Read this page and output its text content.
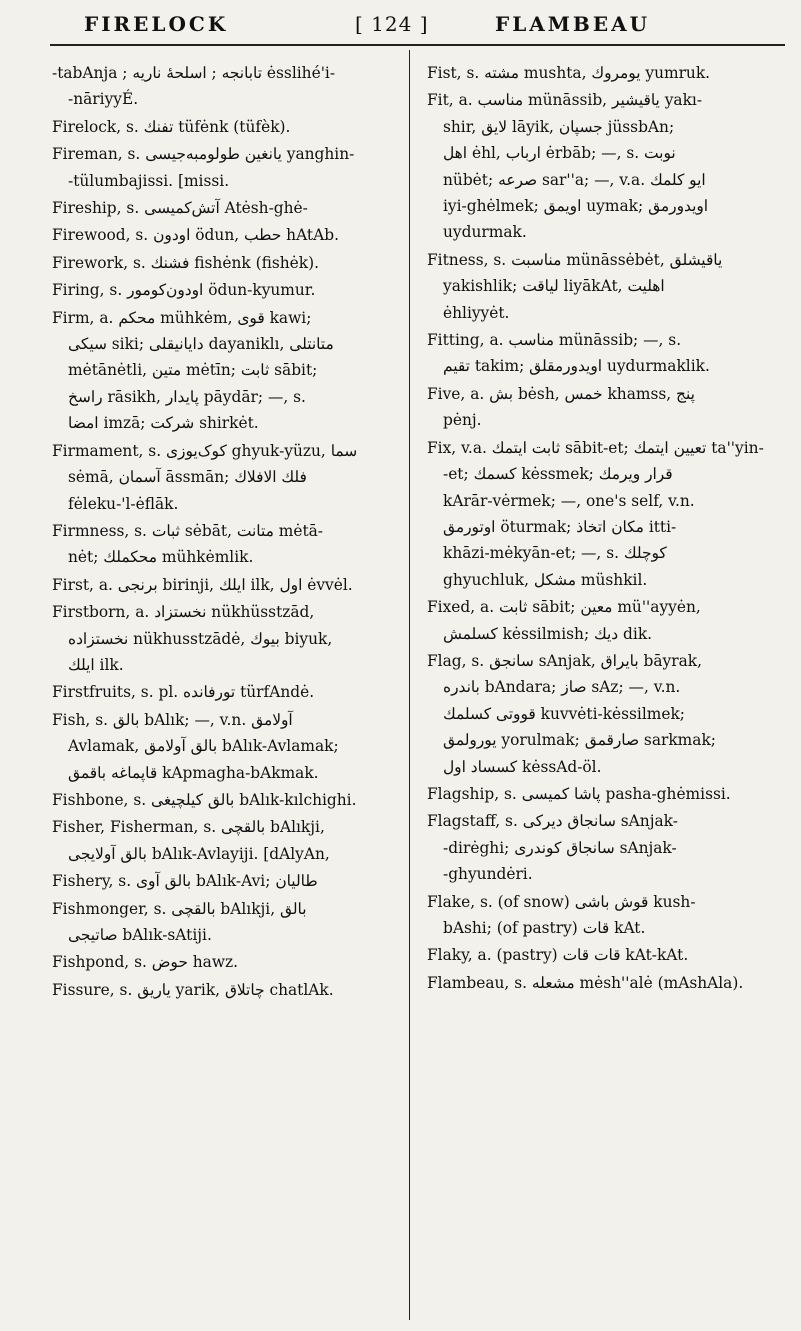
FIRELOCK	[ 124 ]	FLAMBEAU
-tabAnja ; تابانجه ; ‌اسلحه‌ٔ ناریه ėsslihé'i-
-nāriyyÉ.
Firelock, s. تفنك tüfėnk (tüfèk).
Fireman, s. يانغين طولومبه‌جیسی yanghin-
-tülumbajissi. [missi.
Fireship, s. آتش‌کمیسی Atėsh-ghė-
Firewood, s. اودون ödun, حطب hAtAb.
Firework, s. فشنك fishėnk (fishėk).
Firing, s. اودون‌کومور ödun-kyumur.
Firm, a. محکم mühkėm, قوی kawi;
سیکی siki; دایانیقلی dayaniklı, متانتلی
mėtānėtli, متین mėtīn; ثابت sābit;
راسخ rāsikh, پایدار pāydār; —, s.
امضا imzā; شرکت shirkėt.
Firmament, s. کوک‌یوزی ghyuk-yüzu, سما
sėmā, آسمان āssmān; فلك الافلاك
fėleku-'l-ėflāk.
Firmness, s. ثبات sėbāt, متانت mėtā-
nėt; محکملك mühkėmlik.
First, a. برنجی birinji, ایلك ilk, اول ėvvėl.
Firstborn, a. نخستزاد nükhüsstzād,
نخستزاده nükhusstzādė, بیوك biyuk,
ایلك ilk.
Firstfruits, s. pl. تورفانده türfAndė.
Fish, s. بالق bAlık; —, v.n. آولامق
Avlamak, بالق آولامق bAlık-Avlamak;
قاپماغه باقمق kApmagha-bAkmak.
Fishbone, s. بالق کیلچیغی bAlık-kılchighi.
Fisher, Fisherman, s. بالقچی bAlıkji,
بالق آولایجی bAlık-Avlayiji. [dAlyAn,
Fishery, s. بالق آوی bAlık-Avi; طالیان
Fishmonger, s. بالقچی bAlıkji, بالق
صاتیجی bAlık-sAtiji.
Fishpond, s. حوض hawz.
Fissure, s. یاریق yarik, چاتلاق chatlAk.
Fist, s. مشته mushta, یومروك yumruk.
Fit, a. مناسب münāssib, یاقیشیر yakı-
shir, لایق lāyik, جسپان jüssbAn;
اهل ėhl, ارباب ėrbāb; —, s. نوبت
nübėt; صرعه sar''a; —, v.a. ایو کلمك
iyi-ghėlmek; اویمق uymak; اویدورمق
uydurmak.
Fitness, s. مناسبت münāssėbėt, یاقیشلق
yakishlik; لیاقت liyākAt, اهلیت
ėhliyyėt.
Fitting, a. مناسب münāssib; —, s.
تقیم takim; اویدورمقلق uydurmaklik.
Five, a. بش bėsh, خمس khamss, پنج
pėnj.
Fix, v.a. ثابت ایتمك sābit-et; تعیین ایتمك ta''yin-
-et; کسمك kėssmek; قرار ویرمك
kArār-vėrmek; —, one's self, v.n.
اوتورمق öturmak; مکان اتخاذ itti-
khāzi-mėkyān-et; —, s. کوچلك
ghyuchluk, مشکل müshkil.
Fixed, a. ثابت sābit; معین mü''ayyėn,
کسلمش kėssilmish; دیك dik.
Flag, s. سانجق sAnjak, بایراق bāyrak,
باندره bAndara; صاز sAz; —, v.n.
قووتی کسلمك kuvvėti-kėssilmek;
یورولمق yorulmak; صارقمق sarkmak;
کسساد اول kėssAd-öl.
Flagship, s. پاشا کمیسی pasha-ghėmissi.
Flagstaff, s. سانجاق دیرکی sAnjak-
-dirėghi; سانجاق کوندری sAnjak-
-ghyundėri.
Flake, s. (of snow) قوش باشی kush-
bAshi; (of pastry) قات kAt.
Flaky, a. (pastry) قات قات kAt-kAt.
Flambeau, s. مشعله mėsh''alė (mAshAla).
